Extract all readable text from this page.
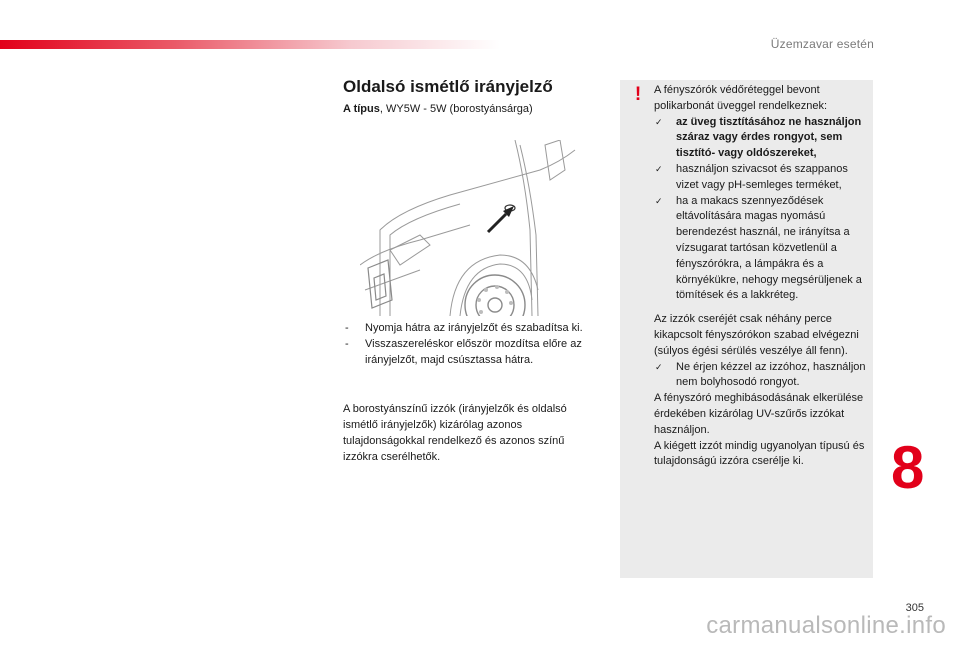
Üzemzavar esetén
Oldalsó ismétlő irányjelző
A típus, WY5W - 5W (borostyánsárga)
- Nyomja hátra az irányjelzőt és szabadítsa ki.
- Visszaszereléskor először mozdítsa előre az irányjelzőt, majd csúsztassa hátra.

A borostyánszínű izzók (irányjelzők és oldalsó ismétlő irányjelzők) kizárólag azonos tulajdonságokkal rendelkező és azonos színű izzókra cserélhetők.

! A fényszórók védőréteggel bevont polikarbonát üveggel rendelkeznek:

✓ az üveg tisztításához ne használjon száraz vagy érdes rongyot, sem tisztító- vagy oldószereket,
✓ használjon szivacsot és szappanos vizet vagy pH-semleges terméket,
✓ ha a makacs szennyeződések eltávolítására magas nyomású berendezést használ, ne irányítsa a vízsugarat tartósan közvetlenül a fényszórókra, a lámpákra és a környékükre, nehogy megsérüljenek a tömítések és a lakkréteg.

Az izzók cseréjét csak néhány perce kikapcsolt fényszórókon szabad elvégezni (súlyos égési sérülés veszélye áll fenn).

✓ Ne érjen kézzel az izzóhoz, használjon nem bolyhosodó rongyot.

A fényszóró meghibásodásának elkerülése érdekében kizárólag UV-szűrős izzókat használjon.

A kiégett izzót mindig ugyanolyan típusú és tulajdonságú izzóra cserélje ki.	8
305
carmanualsonline.info
